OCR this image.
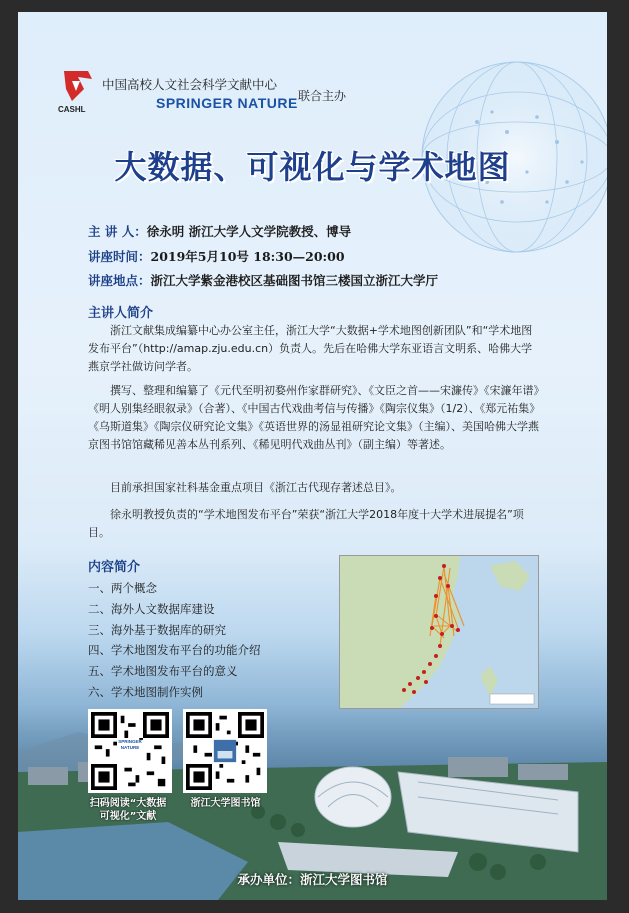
CASHL
中国高校人文社会科学文献中心
SPRINGER NATURE 联合主办
大数据、可视化与学术地图
主 讲 人：徐永明 浙江大学人文学院教授、博导
讲座时间：2019年5月10号 18:30—20:00
讲座地点：浙江大学紫金港校区基础图书馆三楼国立浙江大学厅
主讲人简介
浙江文献集成编纂中心办公室主任，浙江大学“大数据+学术地图创新团队”和“学术地图发布平台”（http://amap.zju.edu.cn）负责人。先后在哈佛大学东亚语言文明系、哈佛大学燕京学社做访问学者。
撰写、整理和编纂了《元代至明初婺州作家群研究》、《文臣之首——宋濂传》《宋濂年谱》《明人别集经眼叙录》（合著）、《中国古代戏曲考信与传播》《陶宗仪集》（1/2）、《郑元祐集》《乌斯道集》《陶宗仪研究论文集》《英语世界的汤显祖研究论文集》（主编）、美国哈佛大学燕京图书馆馆藏稀见善本丛刊系列、《稀见明代戏曲丛刊》（副主编）等著述。
目前承担国家社科基金重点项目《浙江古代现存著述总目》。
徐永明教授负责的“学术地图发布平台”荣获“浙江大学2018年度十大学术进展提名”项目。
内容简介
一、两个概念
二、海外人文数据库建设
三、海外基于数据库的研究
四、学术地图发布平台的功能介绍
五、学术地图发布平台的意义
六、学术地图制作实例
SPRINGER NATURE
扫码阅读“大数据
可视化”文献
浙江大学图书馆
承办单位：浙江大学图书馆
